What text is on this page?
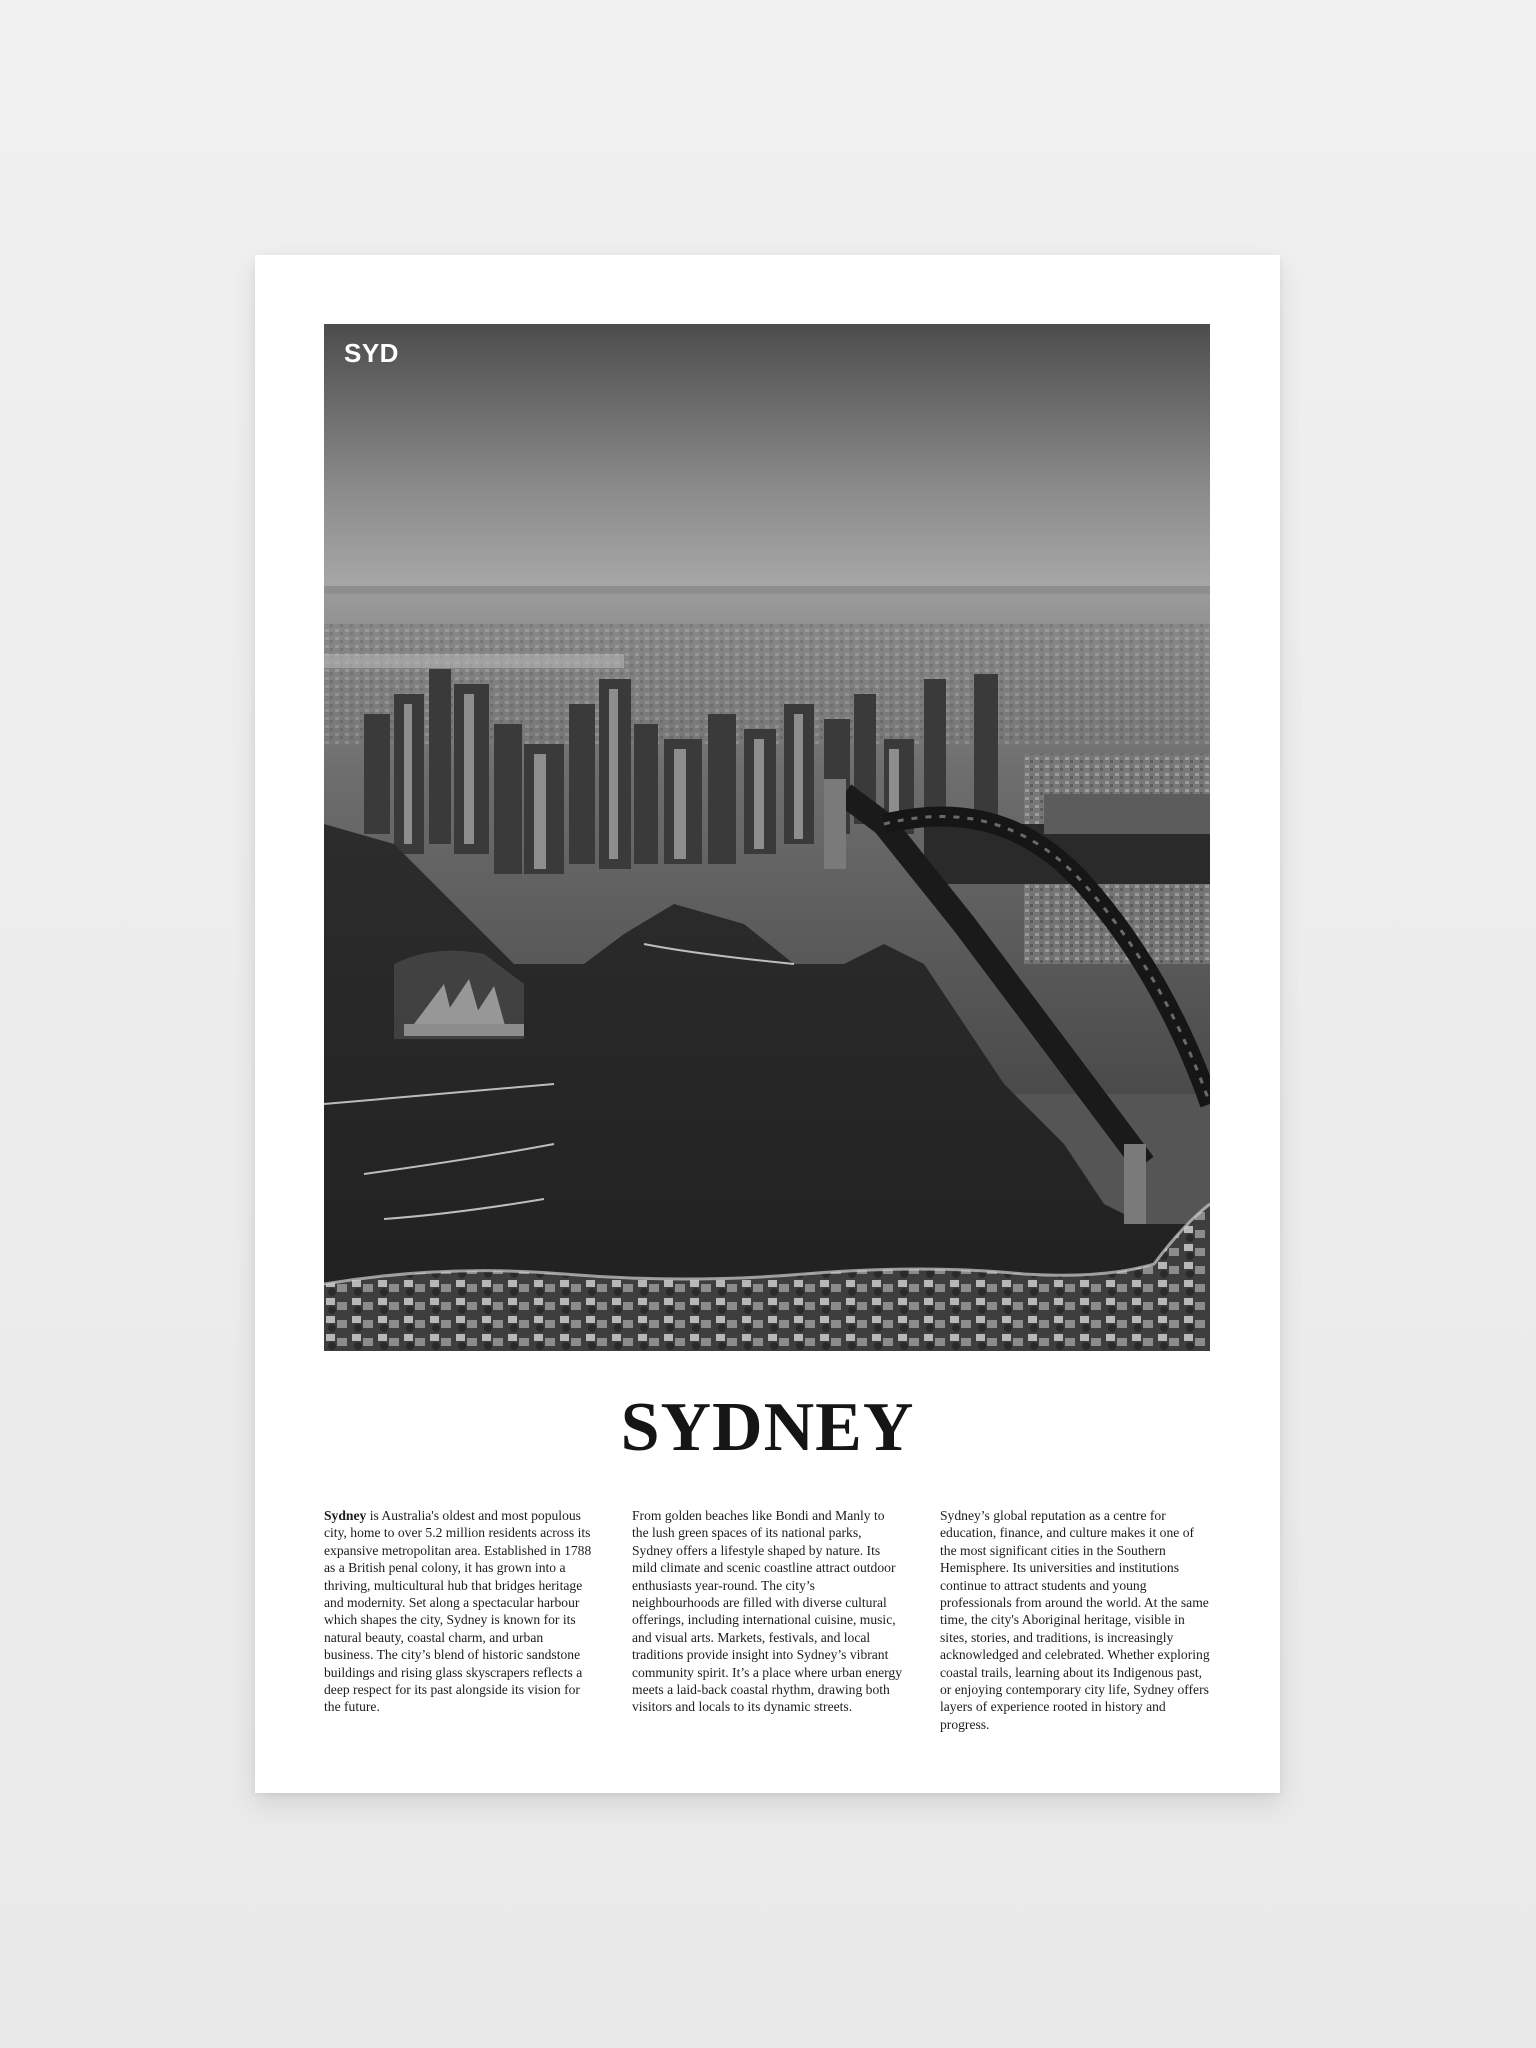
SYD
SYDNEY
Sydney is Australia's oldest and most populous city, home to over 5.2 million residents across its expansive metropolitan area. Established in 1788 as a British penal colony, it has grown into a thriving, multicultural hub that bridges heritage and modernity. Set along a spectacular harbour which shapes the city, Sydney is known for its natural beauty, coastal charm, and urban business. The city’s blend of historic sandstone buildings and rising glass skyscrapers reflects a deep respect for its past alongside its vision for the future.
From golden beaches like Bondi and Manly to the lush green spaces of its national parks, Sydney offers a lifestyle shaped by nature. Its mild climate and scenic coastline attract outdoor enthusiasts year-round. The city’s neighbourhoods are filled with diverse cultural offerings, including international cuisine, music, and visual arts. Markets, festivals, and local traditions provide insight into Sydney’s vibrant community spirit. It’s a place where urban energy meets a laid-back coastal rhythm, drawing both visitors and locals to its dynamic streets.
Sydney’s global reputation as a centre for education, finance, and culture makes it one of the most significant cities in the Southern Hemisphere. Its universities and institutions continue to attract students and young professionals from around the world. At the same time, the city's Aboriginal heritage, visible in sites, stories, and traditions, is increasingly acknowledged and celebrated. Whether exploring coastal trails, learning about its Indigenous past, or enjoying contemporary city life, Sydney offers layers of experience rooted in history and progress.
